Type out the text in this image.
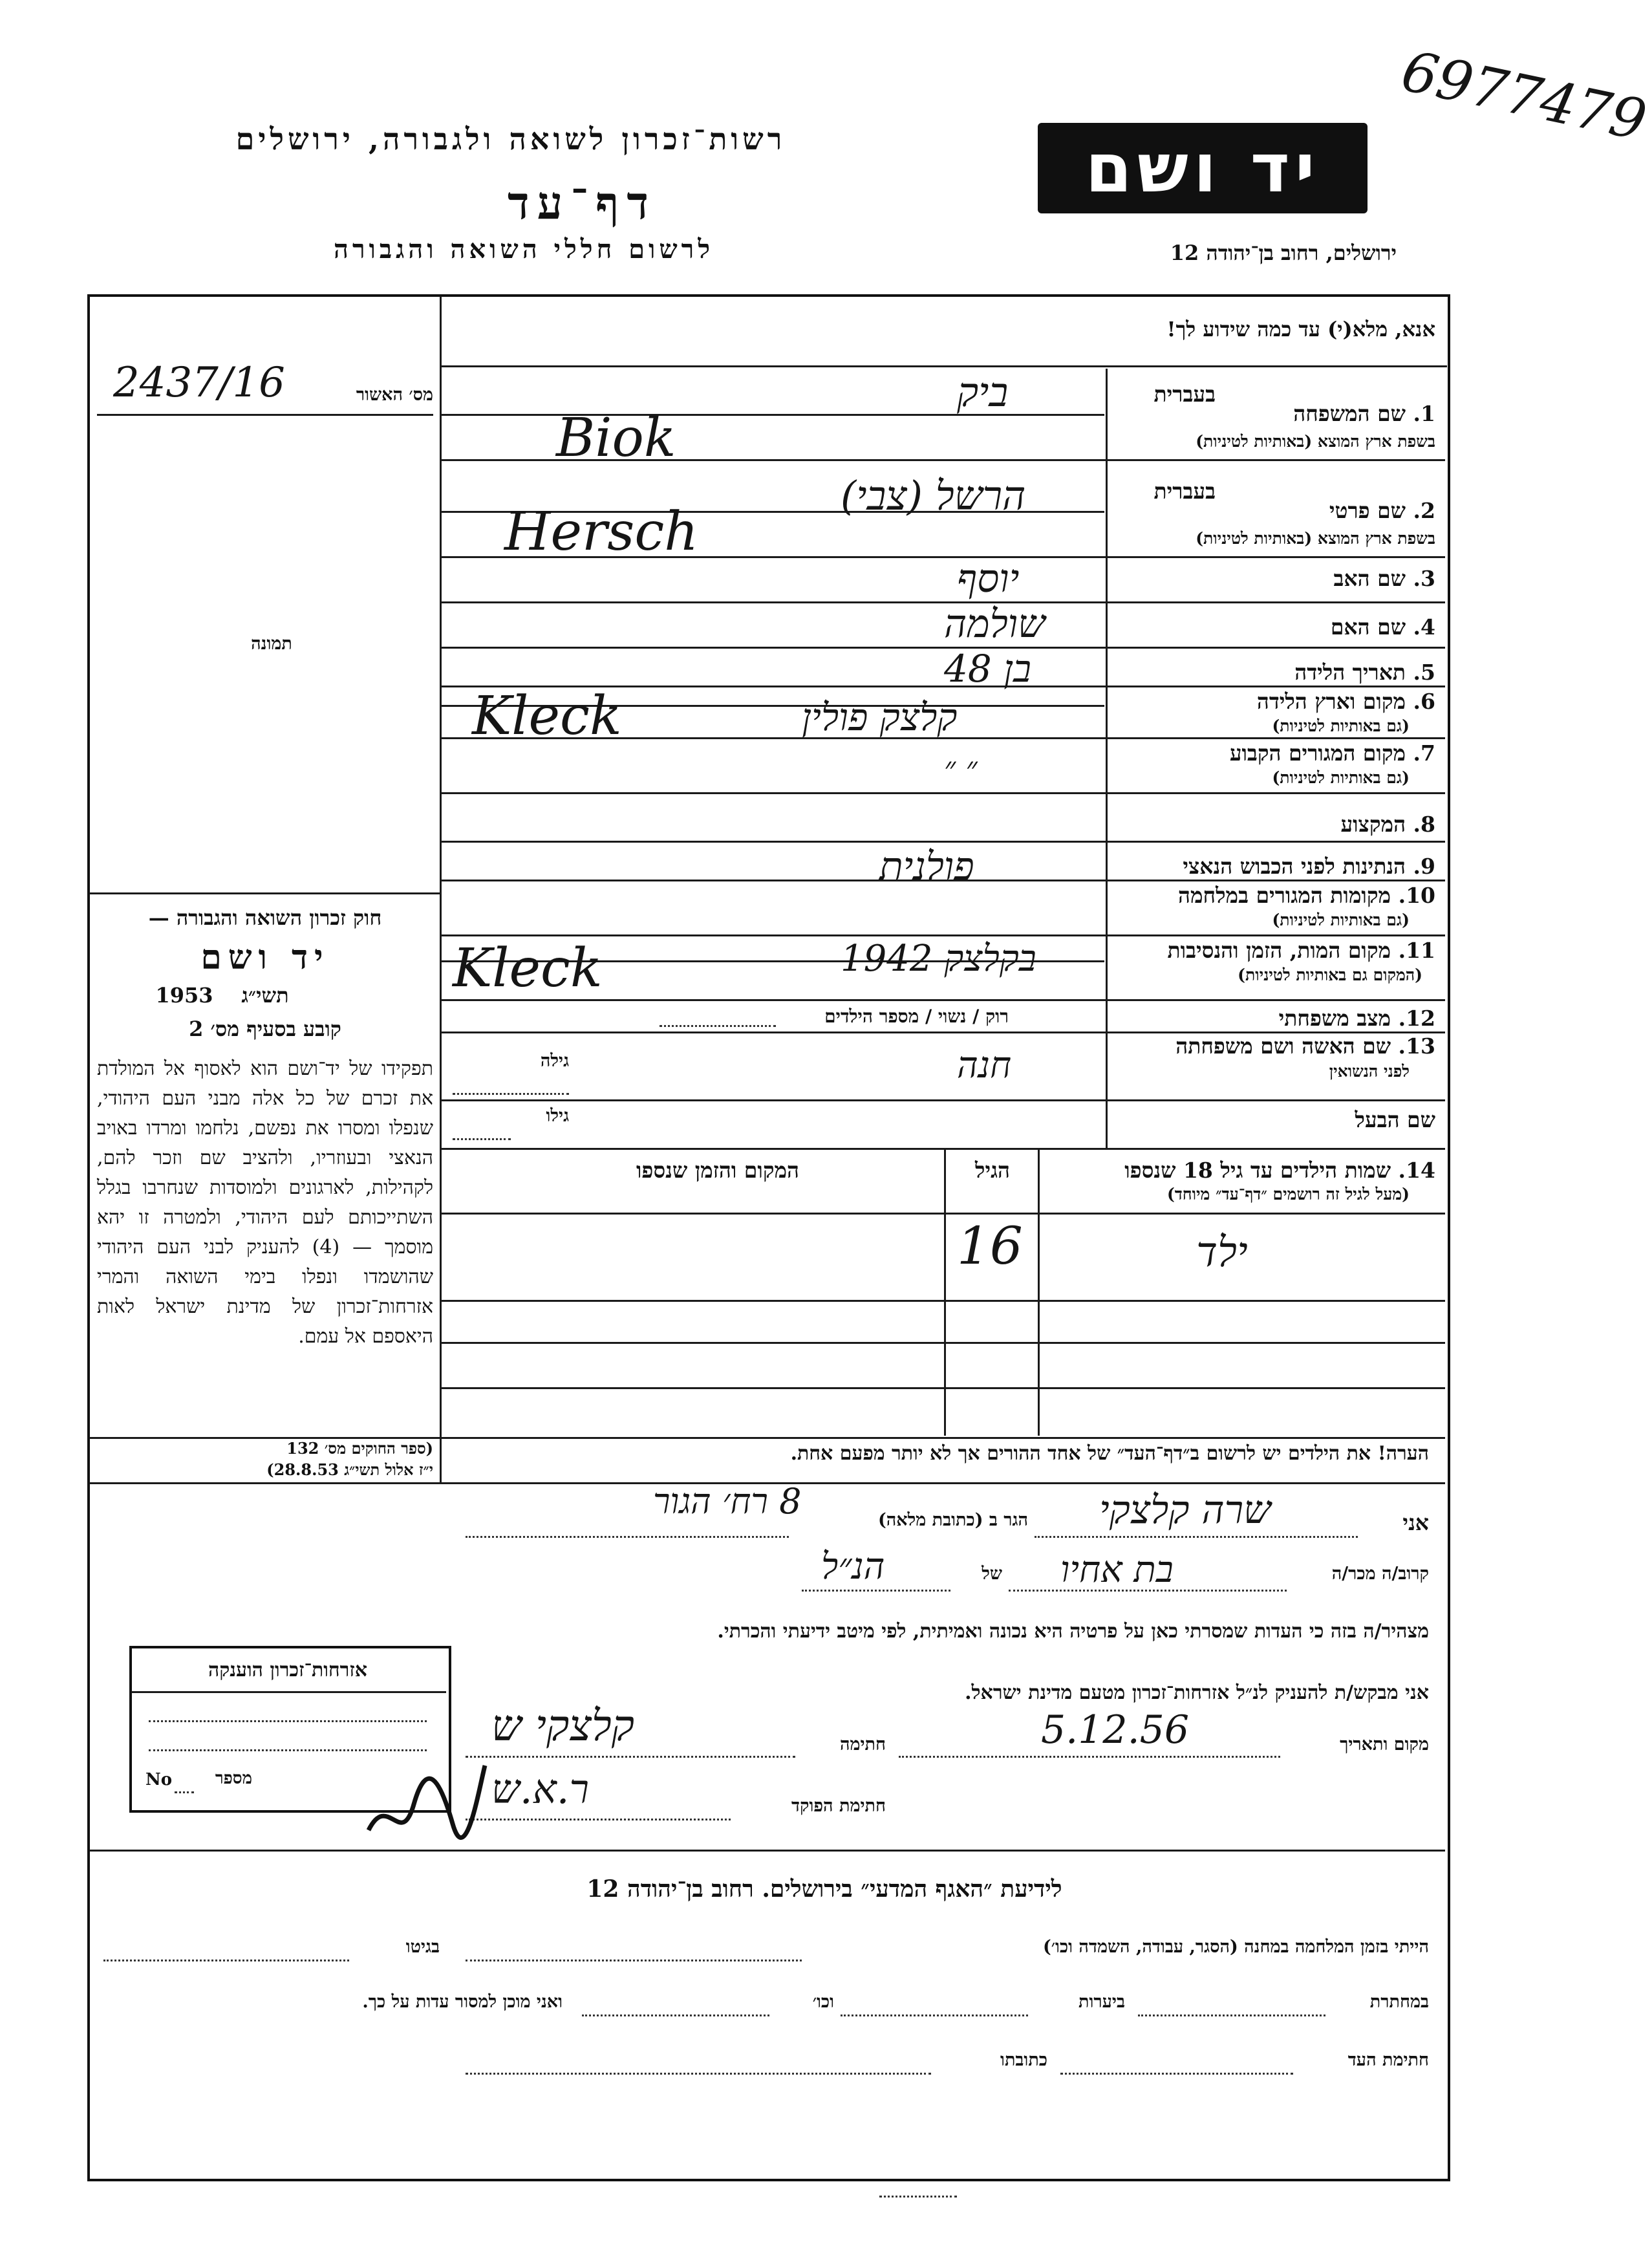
6977479
רשות־זכרון לשואה ולגבורה, ירושלים	יד ושם
דף־עד
לרשום חללי השואה והגבורה	ירושלים, רחוב בן־יהודה 12
אנא, מלא(י) עד כמה שידוע לך!
מס׳ האשור
2437/16
תמונה
בעברית
1. שם המשפחה
בשפת ארץ המוצא (באותיות לטיניות)
בעברית
2. שם פרטי
בשפת ארץ המוצא (באותיות לטיניות)
3. שם האב
4. שם האם
5. תאריך הלידה
6. מקום וארץ הלידה
(גם באותיות לטיניות)
7. מקום המגורים הקבוע
(גם באותיות לטיניות)
8. המקצוע
9. הנתינות לפני הכבוש הנאצי
10. מקומות המגורים במלחמה
(גם באותיות לטיניות)
11. מקום המות, הזמן והנסיבות
(המקום גם באותיות לטיניות)
12. מצב משפחתי
13. שם האשה ושם משפחתה
לפני הנשואין
שם הבעל
ביק
Biok
הרשל (צבי)
Hersch
יוסף
שולמה
בן 48
קלצק פולין
Kleck
״ ״
פולנית
בקלצק 1942
Kleck
רוק / נשוי / מספר הילדים
חנה
גילה
גילו
14. שמות הילדים עד גיל 18 שנספו
(מעל לגיל זה רושמים ״דף־עד״ מיוחד)
הגיל
המקום והזמן שנספו
ילד
16
חוק זכרון השואה והגבורה —
יד ושם
תשי״ג
1953
קובע בסעיף מס׳ 2
תפקידו של יד־ושם הוא לאסוף אל המולדת את זכרם של כל אלה מבני העם היהודי, שנפלו ומסרו את נפשם, נלחמו ומרדו באויב הנאצי ובעוזריו, ולהציב שם וזכר להם, לקהילות, לארגונים ולמוסדות שנחרבו בגלל השתייכותם לעם היהודי, ולמטרה זו יהא מוסמך — (4) להעניק לבני העם היהודי שהושמדו ונפלו בימי השואה והמרי אזרחות־זכרון של מדינת ישראל לאות היאספם אל עמם.
(ספר החוקים מס׳ 132
י״ז אלול תשי״ג 28.8.53)
הערה! את הילדים יש לרשום ב״דף־העד״ של אחד ההורים אך לא יותר מפעם אחת.
אני
שרה קלצקי
הגר ב (כתובת מלאה)
8 רח׳ הגור
קרוב/ה מכר/ה
בת אחיו
של
הנ״ל
מצהיר/ה בזה כי העדות שמסרתי כאן על פרטיה היא נכונה ואמיתית, לפי מיטב ידיעתי והכרתי.
אני מבקש/ת להעניק לנ״ל אזרחות־זכרון מטעם מדינת ישראל.
מקום ותאריך
5.12.56
חתימה
קלצקי ש
חתימת הפוקד
ר.א.ש
אזרחות־זכרון הוענקה
מספר
No
לידיעת ״האגף המדעי״ בירושלים. רחוב בן־יהודה 12
הייתי בזמן המלחמה במחנה (הסגר, עבודה, השמדה וכו׳)
בגיטו
במחתרת
ביערות
וכו׳
ואני מוכן למסור עדות על כך.
חתימת העד
כתובתו
